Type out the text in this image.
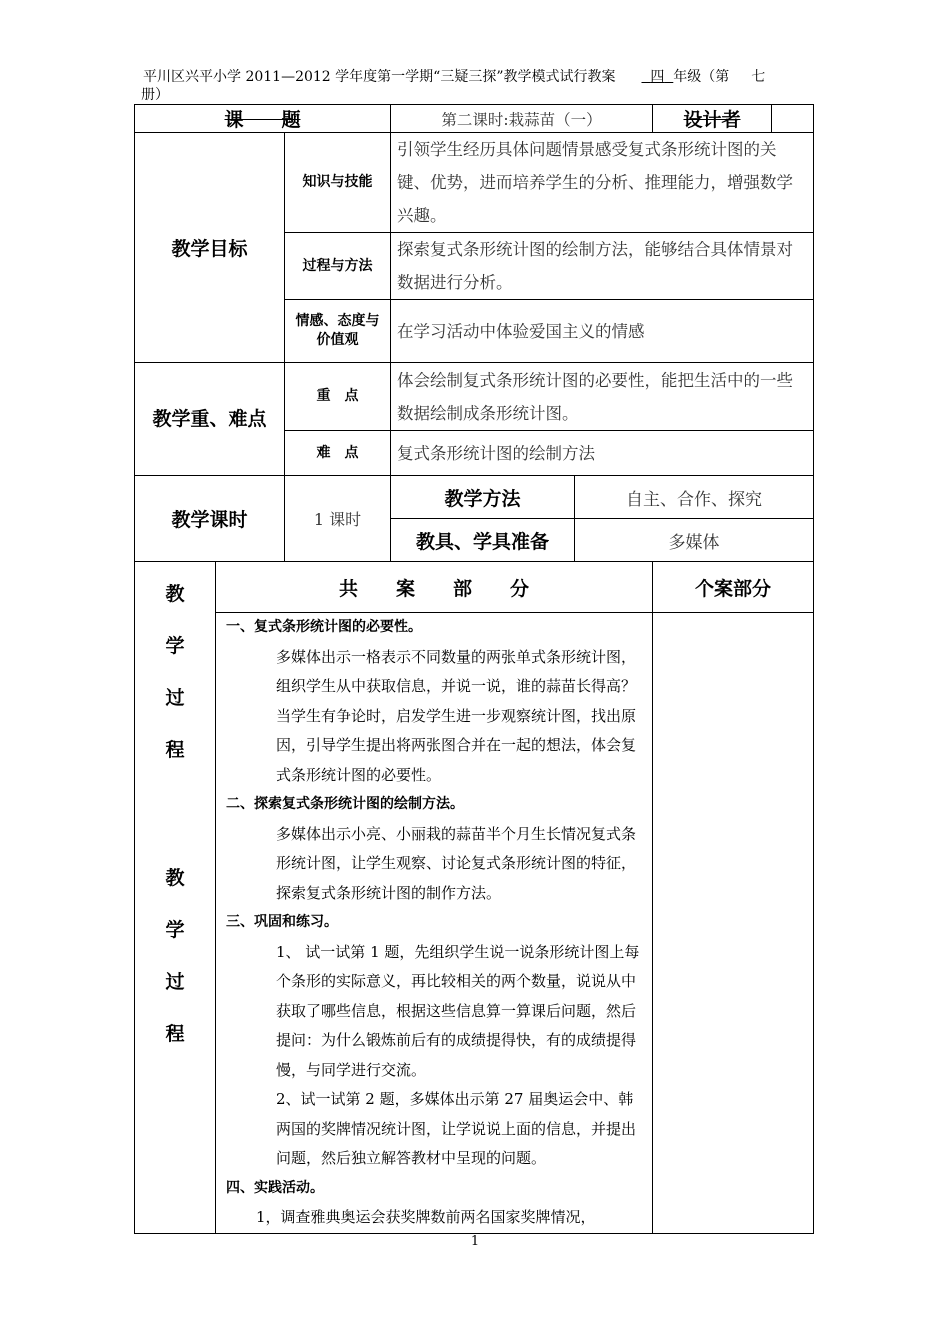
平川区兴平小学 2011—2012 学年度第一学期“三疑三探”教学模式试行教案 四 年级（第 七
册）
课　　题	第二课时:栽蒜苗（一）		设计者	

教学目标	知识与技能	引领学生经历具体问题情景感受复式条形统计图的关键、优势，进而培养学生的分析、推理能力，增强数学兴趣。
过程与方法	探索复式条形统计图的绘制方法，能够结合具体情景对数据进行分析。
情感、态度与价值观	在学习活动中体验爱国主义的情感
教学重、难点	重　点	体会绘制复式条形统计图的必要性，能把生活中的一些数据绘制成条形统计图。
难　点	复式条形统计图的绘制方法
教学课时	1 课时	教学方法	自主、合作、探究
教具、学具准备	多媒体

教
学
过
程
教
学
过
程
	共　　案　　部　　分	个案部分

一、复式条形统计图的必要性。
多媒体出示一格表示不同数量的两张单式条形统计图，组织学生从中获取信息，并说一说，谁的蒜苗长得高？当学生有争论时，启发学生进一步观察统计图，找出原因，引导学生提出将两张图合并在一起的想法，体会复式条形统计图的必要性。
二、探索复式条形统计图的绘制方法。
多媒体出示小亮、小丽栽的蒜苗半个月生长情况复式条形统计图，让学生观察、讨论复式条形统计图的特征，探索复式条形统计图的制作方法。
三、巩固和练习。
1、 试一试第 1 题，先组织学生说一说条形统计图上每个条形的实际意义，再比较相关的两个数量，说说从中获取了哪些信息，根据这些信息算一算课后问题，然后提问：为什么锻炼前后有的成绩提得快，有的成绩提得慢，与同学进行交流。
2、试一试第 2 题，多媒体出示第 27 届奥运会中、韩两国的奖牌情况统计图，让学说说上面的信息，并提出问题，然后独立解答教材中呈现的问题。
四、实践活动。
1，调查雅典奥运会获奖牌数前两名国家奖牌情况，

1
